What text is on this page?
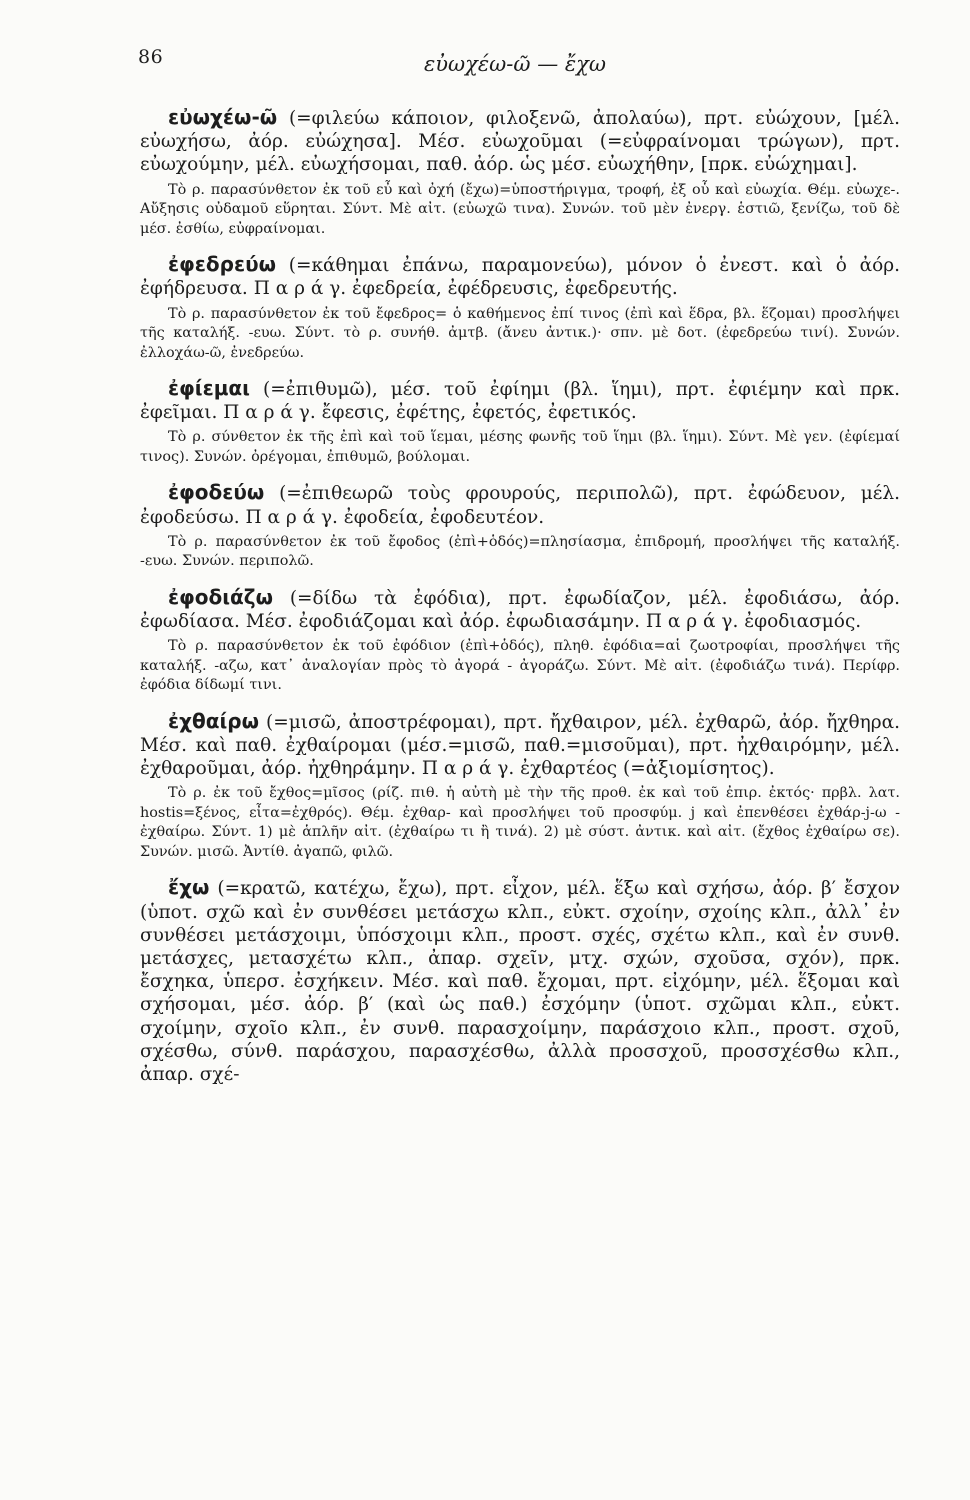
86	εὐωχέω-ῶ — ἔχω

εὐωχέω-ῶ (=φιλεύω κάποιον, φιλοξενῶ, ἀπολαύω), πρτ. εὐώχουν, [μέλ. εὐωχήσω, ἀόρ. εὐώχησα]. Μέσ. εὐωχοῦμαι (=εὐφραίνομαι τρώγων), πρτ. εὐωχούμην, μέλ. εὐωχήσομαι, παθ. ἀόρ. ὡς μέσ. εὐωχήθην, [πρκ. εὐώχημαι].

Τὸ ρ. παρασύνθετον ἐκ τοῦ εὖ καὶ ὀχή (ἔχω)=ὑποστήριγμα, τροφή, ἐξ οὗ καὶ εὐωχία. Θέμ. εὐωχε-. Αὔξησις οὐδαμοῦ εὕρηται. Σύντ. Μὲ αἰτ. (εὐωχῶ τινα). Συνών. τοῦ μὲν ἐνεργ. ἑστιῶ, ξενίζω, τοῦ δὲ μέσ. ἐσθίω, εὐφραίνομαι.

ἐφεδρεύω (=κάθημαι ἐπάνω, παραμονεύω), μόνον ὁ ἐνεστ. καὶ ὁ ἀόρ. ἐφήδρευσα. Π α ρ ά γ. ἐφεδρεία, ἐφέδρευσις, ἐφεδρευτής.

Τὸ ρ. παρασύνθετον ἐκ τοῦ ἔφεδρος= ὁ καθήμενος ἐπί τινος (ἐπὶ καὶ ἕδρα, βλ. ἕζομαι) προσλήψει τῆς καταλήξ. -ευω. Σύντ. τὸ ρ. συνήθ. ἀμτβ. (ἄνευ ἀντικ.)· σπν. μὲ δοτ. (ἐφεδρεύω τινί). Συνών. ἐλλοχάω-ῶ, ἐνεδρεύω.

ἐφίεμαι (=ἐπιθυμῶ), μέσ. τοῦ ἐφίημι (βλ. ἵημι), πρτ. ἐφιέμην καὶ πρκ. ἐφεῖμαι. Π α ρ ά γ. ἔφεσις, ἐφέτης, ἐφετός, ἐφετικός.

Τὸ ρ. σύνθετον ἐκ τῆς ἐπὶ καὶ τοῦ ἵεμαι, μέσης φωνῆς τοῦ ἵημι (βλ. ἵημι). Σύντ. Μὲ γεν. (ἐφίεμαί τινος). Συνών. ὀρέγομαι, ἐπιθυμῶ, βούλομαι.

ἐφοδεύω (=ἐπιθεωρῶ τοὺς φρουρούς, περιπολῶ), πρτ. ἐφώδευον, μέλ. ἐφοδεύσω. Π α ρ ά γ. ἐφοδεία, ἐφοδευτέον.

Τὸ ρ. παρασύνθετον ἐκ τοῦ ἔφοδος (ἐπὶ+ὁδός)=πλησίασμα, ἐπιδρομή, προσλήψει τῆς καταλήξ. -ευω. Συνών. περιπολῶ.

ἐφοδιάζω (=δίδω τὰ ἐφόδια), πρτ. ἐφωδίαζον, μέλ. ἐφοδιάσω, ἀόρ. ἐφωδίασα. Μέσ. ἐφοδιάζομαι καὶ ἀόρ. ἐφωδιασάμην. Π α ρ ά γ. ἐφοδιασμός.

Τὸ ρ. παρασύνθετον ἐκ τοῦ ἐφόδιον (ἐπὶ+ὁδός), πληθ. ἐφόδια=αἱ ζωοτροφίαι, προσλήψει τῆς καταλήξ. -αζω, κατ᾽ ἀναλογίαν πρὸς τὸ ἀγορά - ἀγοράζω. Σύντ. Μὲ αἰτ. (ἐφοδιάζω τινά). Περίφρ. ἐφόδια δίδωμί τινι.

ἐχθαίρω (=μισῶ, ἀποστρέφομαι), πρτ. ἤχθαιρον, μέλ. ἐχθαρῶ, ἀόρ. ἤχθηρα. Μέσ. καὶ παθ. ἐχθαίρομαι (μέσ.=μισῶ, παθ.=μισοῦμαι), πρτ. ἠχθαιρόμην, μέλ. ἐχθαροῦμαι, ἀόρ. ἠχθηράμην. Π α ρ ά γ. ἐχθαρτέος (=ἀξιομίσητος).

Τὸ ρ. ἐκ τοῦ ἔχθος=μῖσος (ρίζ. πιθ. ἡ αὐτὴ μὲ τὴν τῆς προθ. ἐκ καὶ τοῦ ἐπιρ. ἐκτός· πρβλ. λατ. hostis=ξένος, εἶτα=ἐχθρός). Θέμ. ἐχθαρ- καὶ προσλήψει τοῦ προσφύμ. j καὶ ἐπενθέσει ἐχθάρ-j-ω - ἐχθαίρω. Σύντ. 1) μὲ ἁπλῆν αἰτ. (ἐχθαίρω τι ἢ τινά). 2) μὲ σύστ. ἀντικ. καὶ αἰτ. (ἔχθος ἐχθαίρω σε). Συνών. μισῶ. Ἀντίθ. ἀγαπῶ, φιλῶ.

ἔχω (=κρατῶ, κατέχω, ἔχω), πρτ. εἶχον, μέλ. ἕξω καὶ σχήσω, ἀόρ. β′ ἔσχον (ὑποτ. σχῶ καὶ ἐν συνθέσει μετάσχω κλπ., εὐκτ. σχοίην, σχοίης κλπ., ἀλλ᾽ ἐν συνθέσει μετάσχοιμι, ὑπόσχοιμι κλπ., προστ. σχές, σχέτω κλπ., καὶ ἐν συνθ. μετάσχες, μετασχέτω κλπ., ἀπαρ. σχεῖν, μτχ. σχών, σχοῦσα, σχόν), πρκ. ἔσχηκα, ὑπερσ. ἐσχήκειν. Μέσ. καὶ παθ. ἔχομαι, πρτ. εἰχόμην, μέλ. ἕξομαι καὶ σχήσομαι, μέσ. ἀόρ. β′ (καὶ ὡς παθ.) ἐσχόμην (ὑποτ. σχῶμαι κλπ., εὐκτ. σχοίμην, σχοῖο κλπ., ἐν συνθ. παρασχοίμην, παράσχοιο κλπ., προστ. σχοῦ, σχέσθω, σύνθ. παράσχου, παρασχέσθω, ἀλλὰ προσσχοῦ, προσσχέσθω κλπ., ἀπαρ. σχέ-
